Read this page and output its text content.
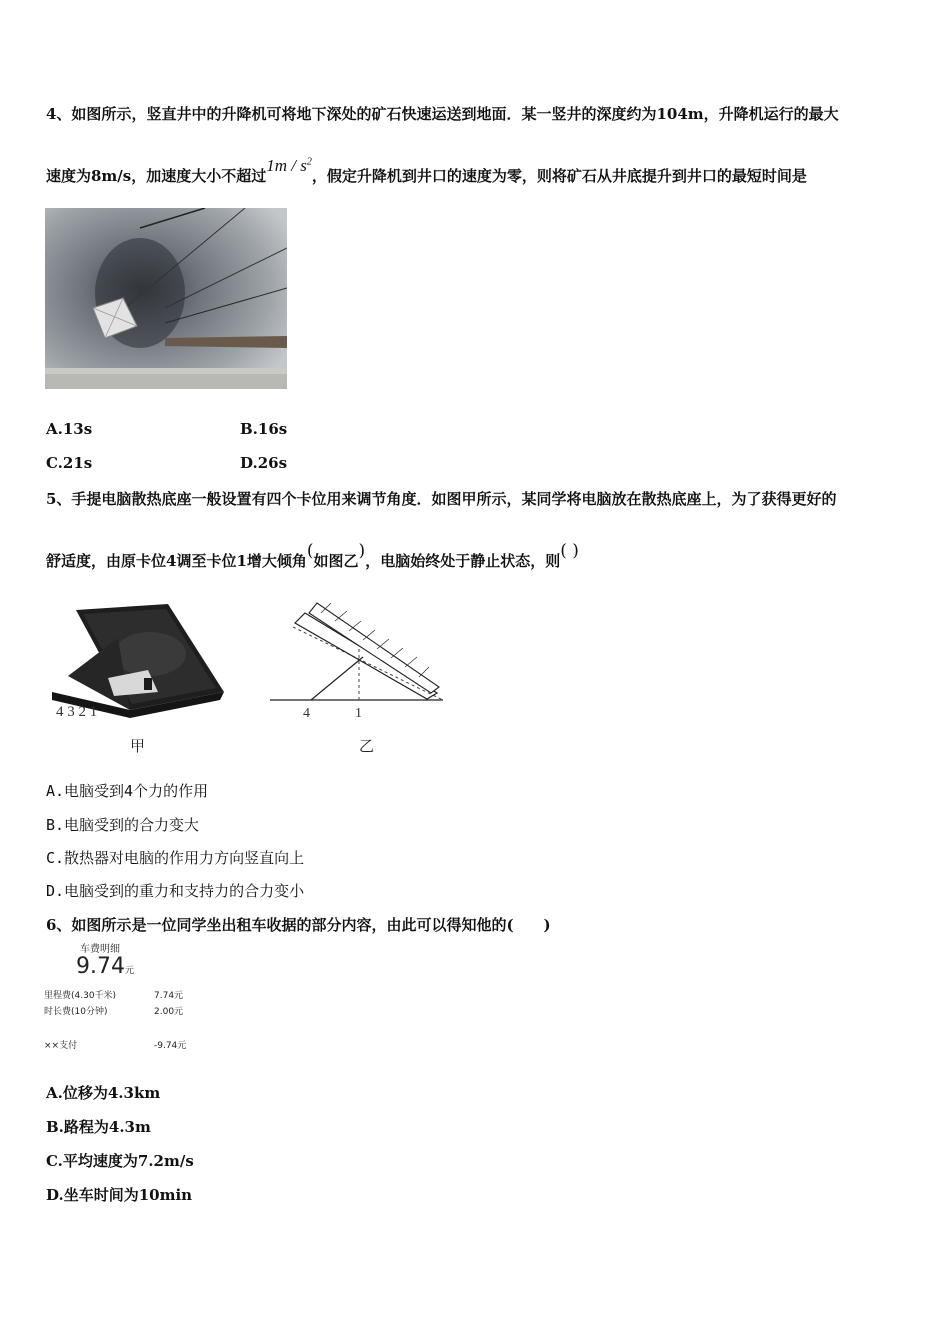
4、如图所示，竖直井中的升降机可将地下深处的矿石快速运送到地面．某一竖井的深度约为104m，升降机运行的最大
速度为8m/s，加速度大小不超过$1m / s^2$，假定升降机到井口的速度为零，则将矿石从井底提升到井口的最短时间是
A.13s	B.16s
C.21s	D.26s
5、手提电脑散热底座一般设置有四个卡位用来调节角度．如图甲所示，某同学将电脑放在散热底座上，为了获得更好的
舒适度，由原卡位4调至卡位1增大倾角(如图乙)，电脑始终处于静止状态，则( )
4 3 2 1
甲
4	1
乙
A.电脑受到4个力的作用
B.电脑受到的合力变大
C.散热器对电脑的作用力方向竖直向上
D.电脑受到的重力和支持力的合力变小
6、如图所示是一位同学坐出租车收据的部分内容，由此可以得知他的(　　)
车费明细
9.74元
里程费(4.30千米)	7.74元
时长费(10分钟)	2.00元
××支付	-9.74元
A.位移为4.3km
B.路程为4.3m
C.平均速度为7.2m/s
D.坐车时间为10min
